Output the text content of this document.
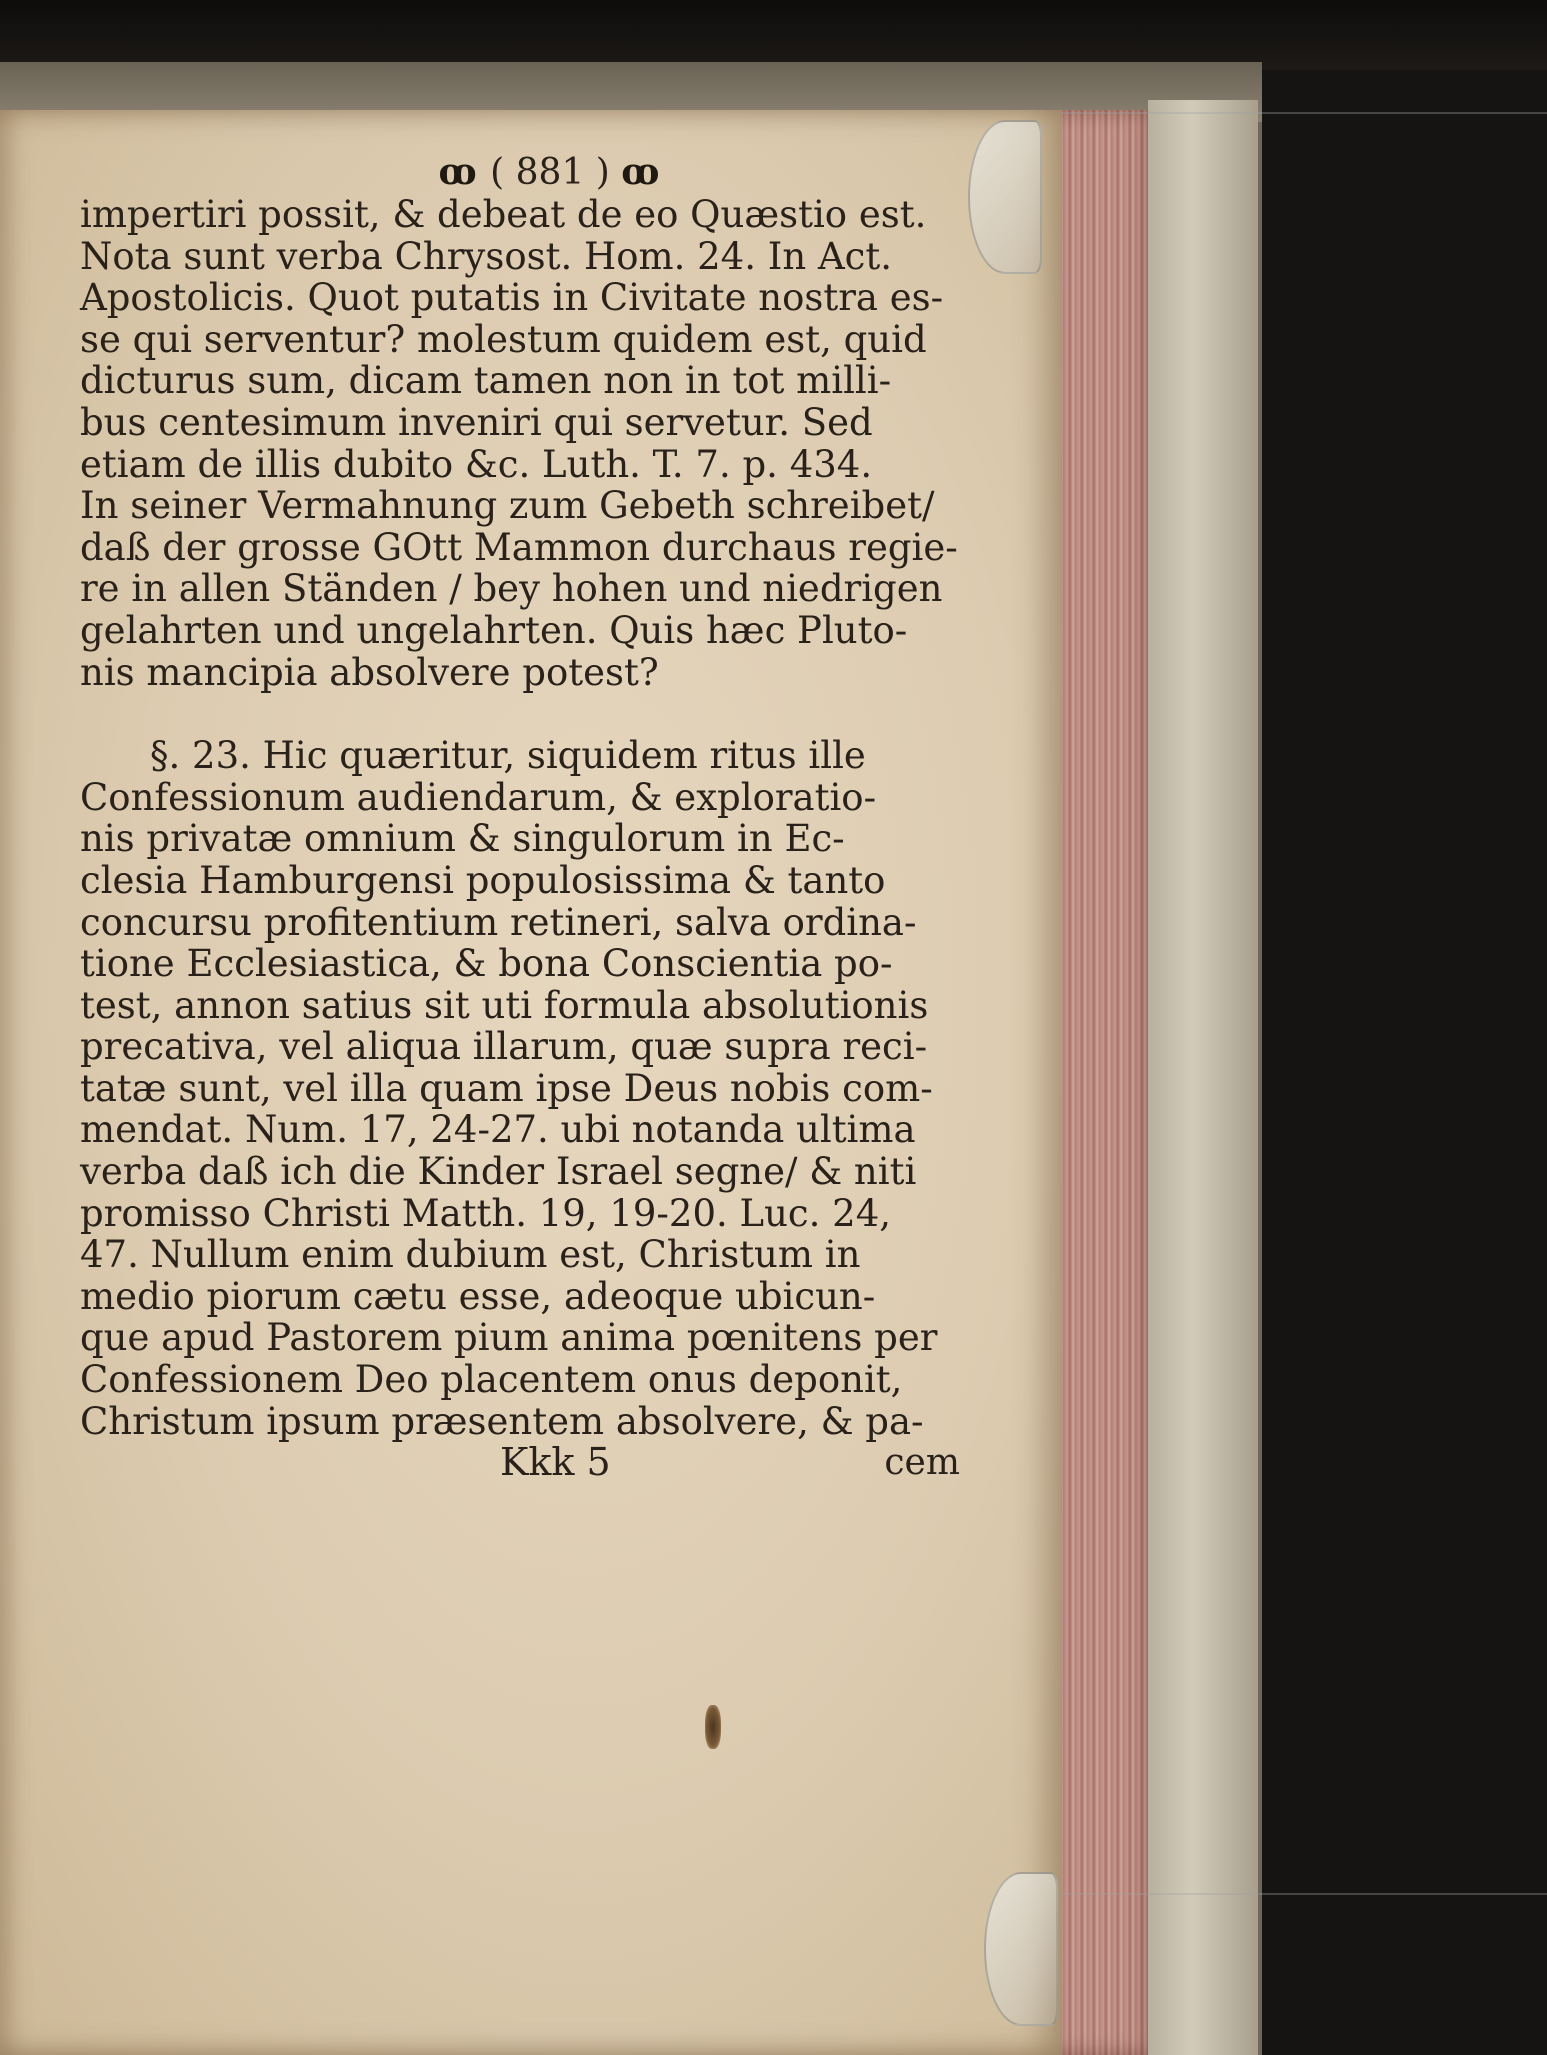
ꝏ ( 881 ) ꝏ
impertiri possit, & debeat de eo Quæstio est.
Nota sunt verba Chrysost. Hom. 24. In Act.
Apostolicis. Quot putatis in Civitate nostra es-
se qui serventur? molestum quidem est, quid
dicturus sum, dicam tamen non in tot milli-
bus centesimum inveniri qui servetur. Sed
etiam de illis dubito &c. Luth. T. 7. p. 434.
In seiner Vermahnung zum Gebeth schreibet/
daß der grosse GOtt Mammon durchaus regie-
re in allen Ständen / bey hohen und niedrigen
gelahrten und ungelahrten. Quis hæc Pluto-
nis mancipia absolvere potest?
§. 23. Hic quæritur, siquidem ritus ille
Confessionum audiendarum, & exploratio-
nis privatæ omnium & singulorum in Ec-
clesia Hamburgensi populosissima & tanto
concursu profitentium retineri, salva ordina-
tione Ecclesiastica, & bona Conscientia po-
test, annon satius sit uti formula absolutionis
precativa, vel aliqua illarum, quæ supra reci-
tatæ sunt, vel illa quam ipse Deus nobis com-
mendat. Num. 17, 24-27. ubi notanda ultima
verba daß ich die Kinder Israel segne/ & niti
promisso Christi Matth. 19, 19-20. Luc. 24,
47. Nullum enim dubium est, Christum in
medio piorum cætu esse, adeoque ubicun-
que apud Pastorem pium anima pœnitens per
Confessionem Deo placentem onus deponit,
Christum ipsum præsentem absolvere, & pa-
Kkk 5	cem
